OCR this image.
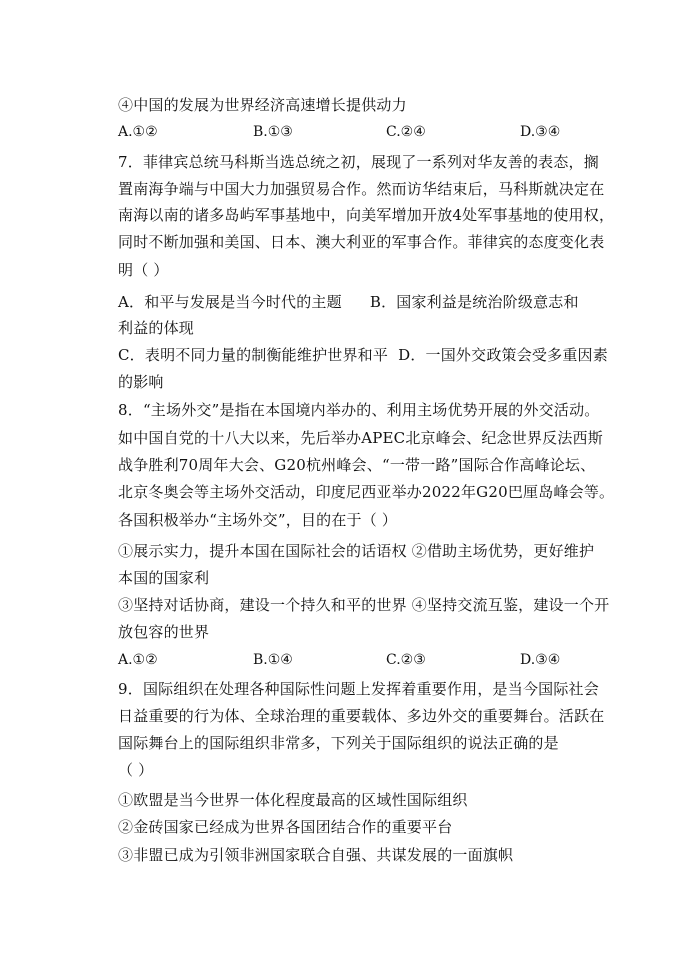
④中国的发展为世界经济高速增长提供动力
A.①②	B.①③	C.②④	D.③④
7．菲律宾总统马科斯当选总统之初，展现了一系列对华友善的表态，搁
置南海争端与中国大力加强贸易合作。然而访华结束后，马科斯就决定在
南海以南的诸多岛屿军事基地中，向美军增加开放4处军事基地的使用权，
同时不断加强和美国、日本、澳大利亚的军事合作。菲律宾的态度变化表
明（ ）
A．和平与发展是当今时代的主题 B．国家利益是统治阶级意志和
利益的体现
C．表明不同力量的制衡能维护世界和平 D．一国外交政策会受多重因素
的影响
8．“主场外交”是指在本国境内举办的、利用主场优势开展的外交活动。
如中国自党的十八大以来，先后举办APEC北京峰会、纪念世界反法西斯
战争胜利70周年大会、G20杭州峰会、“一带一路”国际合作高峰论坛、
北京冬奥会等主场外交活动，印度尼西亚举办2022年G20巴厘岛峰会等。
各国积极举办“主场外交”，目的在于（ ）
①展示实力，提升本国在国际社会的话语权 ②借助主场优势，更好维护
本国的国家利
③坚持对话协商，建设一个持久和平的世界 ④坚持交流互鉴，建设一个开
放包容的世界
A.①②	B.①④	C.②③	D.③④
9．国际组织在处理各种国际性问题上发挥着重要作用，是当今国际社会
日益重要的行为体、全球治理的重要载体、多边外交的重要舞台。活跃在
国际舞台上的国际组织非常多，下列关于国际组织的说法正确的是
（ ）
①欧盟是当今世界一体化程度最高的区域性国际组织
②金砖国家已经成为世界各国团结合作的重要平台
③非盟已成为引领非洲国家联合自强、共谋发展的一面旗帜
